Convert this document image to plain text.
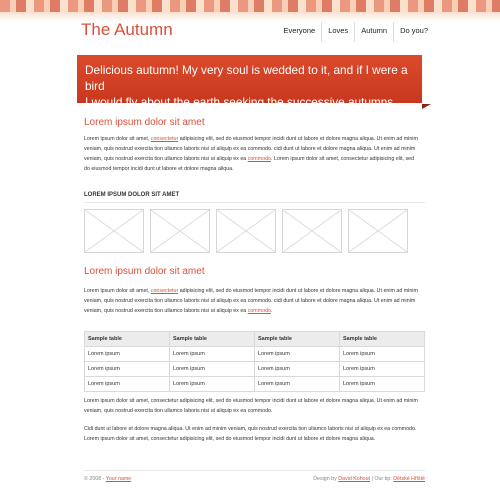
The Autumn	Everyone	Loves	Autumn	Do you?
Delicious autumn! My very soul is wedded to it, and if I were a bird
I would fly about the earth seeking the successive autumns.
Lorem ipsum dolor sit amet
Lorem ipsum dolor sit amet, consectetur adipisicing elit, sed do eiusmod tempor incidi dunt ut labore et dolore magna aliqua. Ut enim ad minim veniam, quis nostrud exercita tion ullamco laboris nisi ut aliquip ex ea commodo. cidi dunt ut labore et dolore magna aliqua. Ut enim ad minim veniam, quis nostrud exercita tion ullamco laboris nisi ut aliquip ex ea commodo. Lorem ipsum dolor sit amet, consectetur adipisicing elit, sed do eiusmod tempor incidi dunt ut labore et dolore magna aliqua.
LOREM IPSUM DOLOR SIT AMET
Lorem ipsum dolor sit amet
Lorem ipsum dolor sit amet, consectetur adipisicing elit, sed do eiusmod tempor incidi dunt ut labore et dolore magna aliqua. Ut enim ad minim veniam, quis nostrud exercita tion ullamco laboris nisi ut aliquip ex ea commodo. cidi dunt ut labore et dolore magna aliqua. Ut enim ad minim veniam, quis nostrud exercita tion ullamco laboris nisi ut aliquip ex ea commodo.
Sample table	Sample table	Sample table	Sample table
Lorem ipsum	Lorem ipsum	Lorem ipsum	Lorem ipsum
Lorem ipsum	Lorem ipsum	Lorem ipsum	Lorem ipsum
Lorem ipsum	Lorem ipsum	Lorem ipsum	Lorem ipsum
Lorem ipsum dolor sit amet, consectetur adipisicing elit, sed do eiusmod tempor incidi dunt ut labore et dolore magna aliqua. Ut enim ad minim veniam, quis nostrud exercita tion ullamco laboris nisi ut aliquip ex ea commodo.
Cidi dunt ut labore et dolore magna aliqua. Ut enim ad minim veniam, quis nostrud exercita tion ullamco laboris nisi ut aliquip ex ea commodo. Lorem ipsum dolor sit amet, consectetur adipisicing elit, sed do eiusmod tempor incidi dunt ut labore et dolore magna aliqua.
© 2008 - Your name	Design by David Kohout | Our tip: Dětské Hřiště
